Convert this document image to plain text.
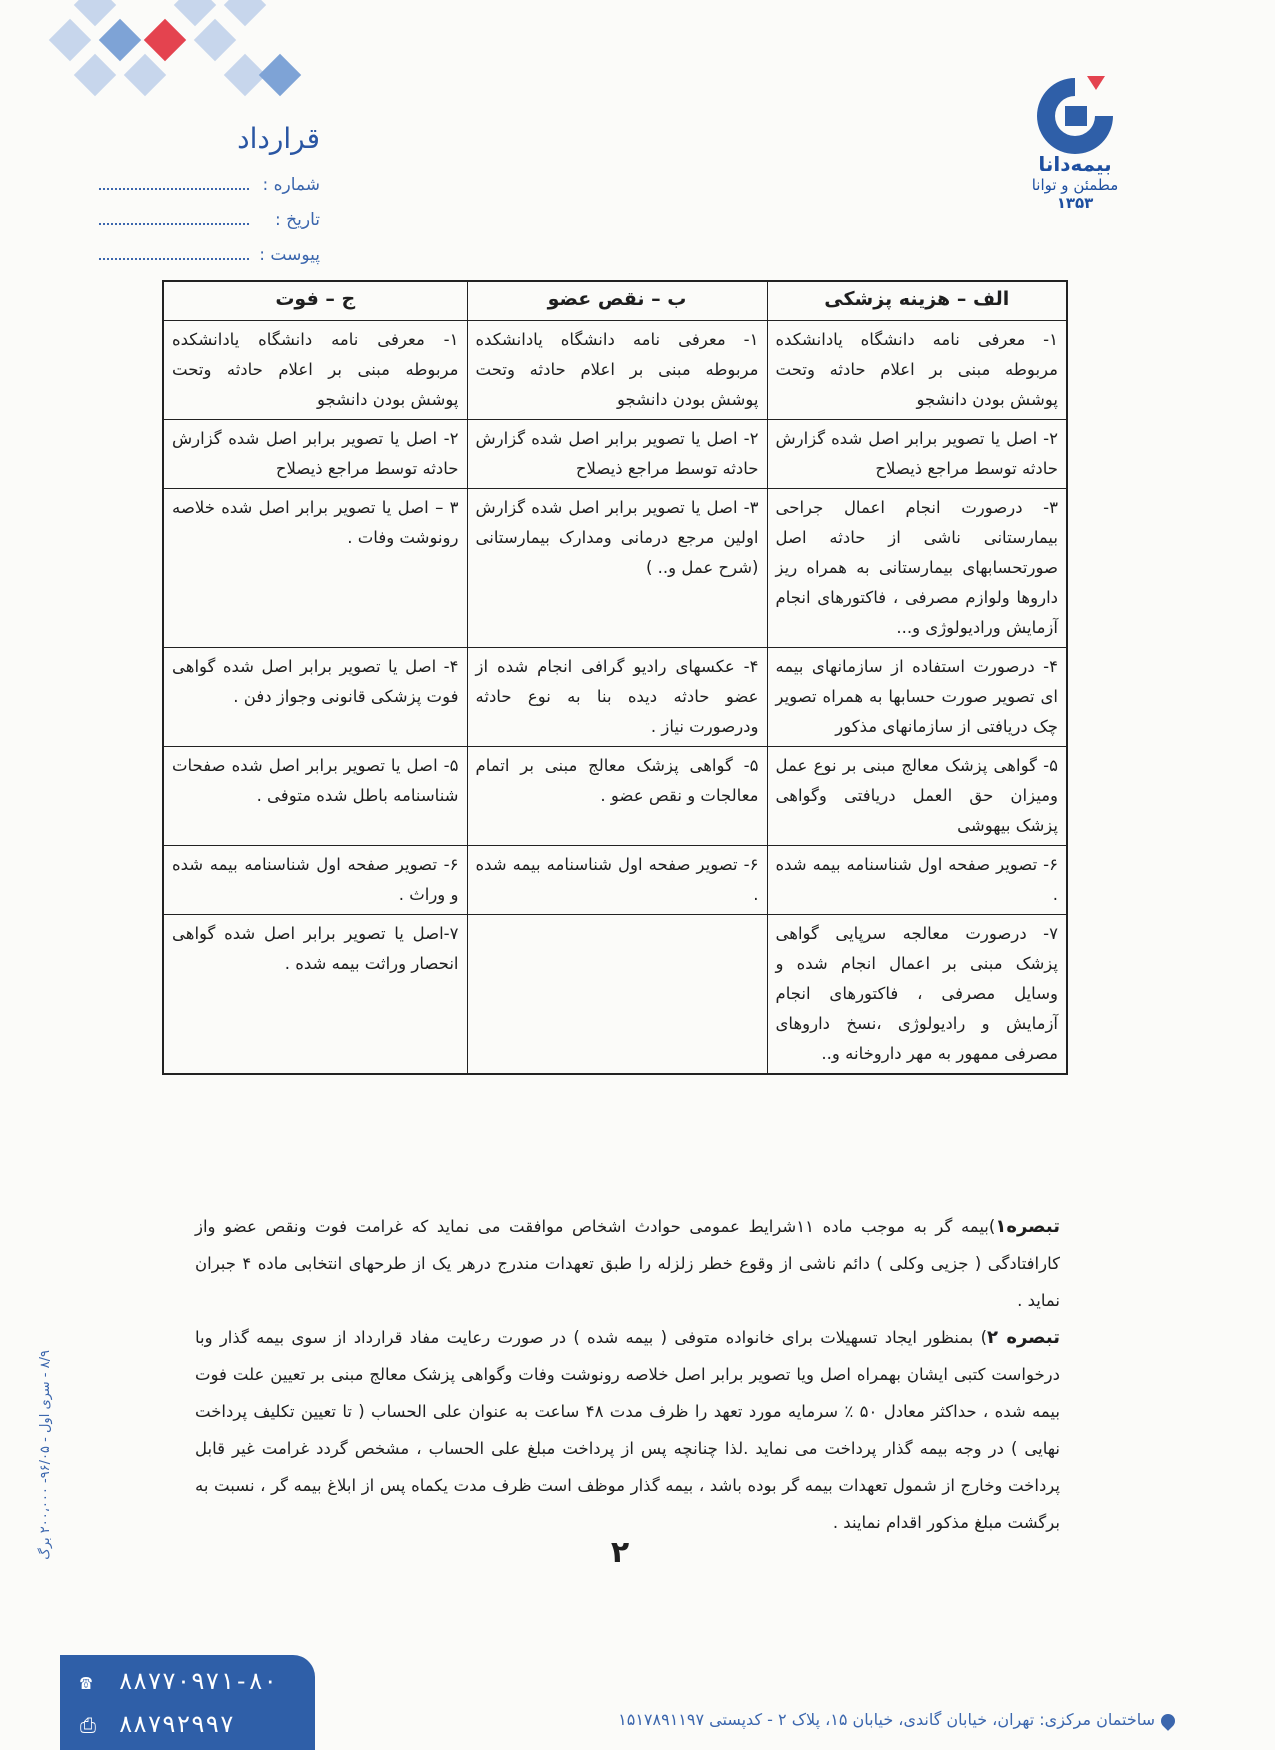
بیمه‌دانا
مطمئن و توانا
۱۳۵۳
قرارداد
شماره :
تاریخ :
پیوست :
الف – هزینه پزشکی	ب – نقص عضو	ج – فوت
۱- معرفی نامه دانشگاه یادانشکده مربوطه مبنی بر اعلام حادثه وتحت پوشش بودن دانشجو	۱- معرفی نامه دانشگاه یادانشکده مربوطه مبنی بر اعلام حادثه وتحت پوشش بودن دانشجو	۱- معرفی نامه دانشگاه یادانشکده مربوطه مبنی بر اعلام حادثه وتحت پوشش بودن دانشجو
۲- اصل یا تصویر برابر اصل شده گزارش حادثه توسط مراجع ذیصلاح	۲- اصل یا تصویر برابر اصل شده گزارش حادثه توسط مراجع ذیصلاح	۲- اصل یا تصویر برابر اصل شده گزارش حادثه توسط مراجع ذیصلاح
۳- درصورت انجام اعمال جراحی بیمارستانی ناشی از حادثه اصل صورتحسابهای بیمارستانی به همراه ریز داروها ولوازم مصرفی ، فاکتورهای انجام آزمایش ورادیولوژی و...	۳- اصل یا تصویر برابر اصل شده گزارش اولین مرجع درمانی ومدارک بیمارستانی (شرح عمل و.. )	۳ – اصل یا تصویر برابر اصل شده خلاصه رونوشت وفات .
۴- درصورت استفاده از سازمانهای بیمه ای تصویر صورت حسابها به همراه تصویر چک دریافتی از سازمانهای مذکور	۴- عکسهای رادیو گرافی انجام شده از عضو حادثه دیده بنا به نوع حادثه ودرصورت نیاز .	۴- اصل یا تصویر برابر اصل شده گواهی فوت پزشکی قانونی وجواز دفن .
۵- گواهی پزشک معالج مبنی بر نوع عمل ومیزان حق العمل دریافتی وگواهی پزشک بیهوشی	۵- گواهی پزشک معالج مبنی بر اتمام معالجات و نقص عضو .	۵- اصل یا تصویر برابر اصل شده صفحات شناسنامه باطل شده متوفی .
۶- تصویر صفحه اول شناسنامه بیمه شده .	۶- تصویر صفحه اول شناسنامه بیمه شده .	۶- تصویر صفحه اول شناسنامه بیمه شده و وراث .
۷- درصورت معالجه سرپایی گواهی پزشک مبنی بر اعمال انجام شده و وسایل مصرفی ، فاکتورهای انجام آزمایش و رادیولوژی ،نسخ داروهای مصرفی ممهور به مهر داروخانه و..		۷-اصل یا تصویر برابر اصل شده گواهی انحصار وراثت بیمه شده .

تبصره۱)بیمه گر به موجب ماده ۱۱شرایط عمومی حوادث اشخاص موافقت می نماید که غرامت فوت ونقص عضو واز کارافتادگی ( جزیی وکلی ) دائم ناشی از وقوع خطر زلزله را طبق تعهدات مندرج درهر یک از طرحهای انتخابی ماده ۴ جبران نماید .

تبصره ۲) بمنظور ایجاد تسهیلات برای خانواده متوفی ( بیمه شده ) در صورت رعایت مفاد قرارداد از سوی بیمه گذار وبا درخواست کتبی ایشان بهمراه اصل ویا تصویر برابر اصل خلاصه رونوشت وفات وگواهی پزشک معالج مبنی بر تعیین علت فوت بیمه شده ، حداکثر معادل ۵۰ ٪ سرمایه مورد تعهد را ظرف مدت ۴۸ ساعت به عنوان علی الحساب ( تا تعیین تکلیف پرداخت نهایی ) در وجه بیمه گذار پرداخت می نماید .لذا چنانچه پس از پرداخت مبلغ علی الحساب ، مشخص گردد غرامت غیر قابل پرداخت وخارج از شمول تعهدات بیمه گر بوده باشد ، بیمه گذار موظف است ظرف مدت یکماه پس از ابلاغ بیمه گر ، نسبت به برگشت مبلغ مذکور اقدام نمایند .

۲
۸/۹ - سری اول - ۹۶/۰۵- ۲۰۰،۰۰۰ برگ
☎ ۸۸۷۷۰۹۷۱-۸۰
⎙ ۸۸۷۹۲۹۹۷	ساختمان مرکزی: تهران، خیابان گاندی، خیابان ۱۵، پلاک ۲ - کدپستی ۱۵۱۷۸۹۱۱۹۷
